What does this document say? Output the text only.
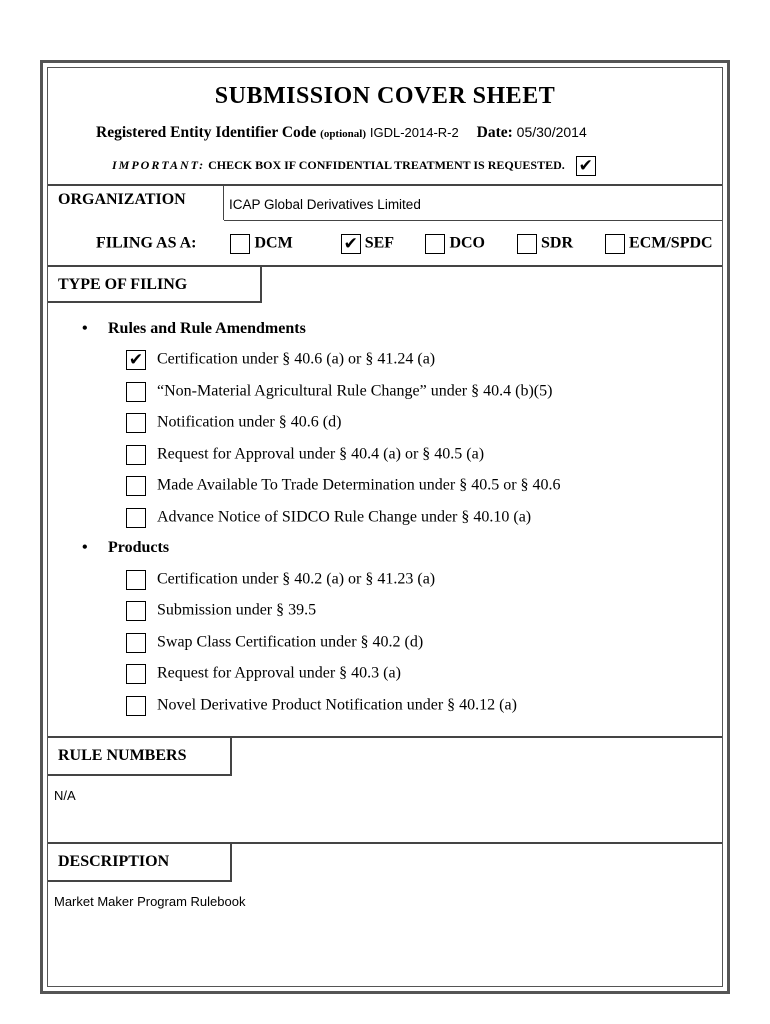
SUBMISSION COVER SHEET
Registered Entity Identifier Code (optional) IGDL-2014-R-2 Date: 05/30/2014
IMPORTANT: CHECK BOX IF CONFIDENTIAL TREATMENT IS REQUESTED. ✔
ORGANIZATION	ICAP Global Derivatives Limited
FILING AS A:	DCM	✔ SEF	DCO	SDR	ECM/SPDC
TYPE OF FILING
• Rules and Rule Amendments
✔ Certification under § 40.6 (a) or § 41.24 (a)
“Non-Material Agricultural Rule Change” under § 40.4 (b)(5)
Notification under § 40.6 (d)
Request for Approval under § 40.4 (a) or § 40.5 (a)
Made Available To Trade Determination under § 40.5 or § 40.6
Advance Notice of SIDCO Rule Change under § 40.10 (a)
• Products
Certification under § 40.2 (a) or § 41.23 (a)
Submission under § 39.5
Swap Class Certification under § 40.2 (d)
Request for Approval under § 40.3 (a)
Novel Derivative Product Notification under § 40.12 (a)
RULE NUMBERS
N/A
DESCRIPTION
Market Maker Program Rulebook
